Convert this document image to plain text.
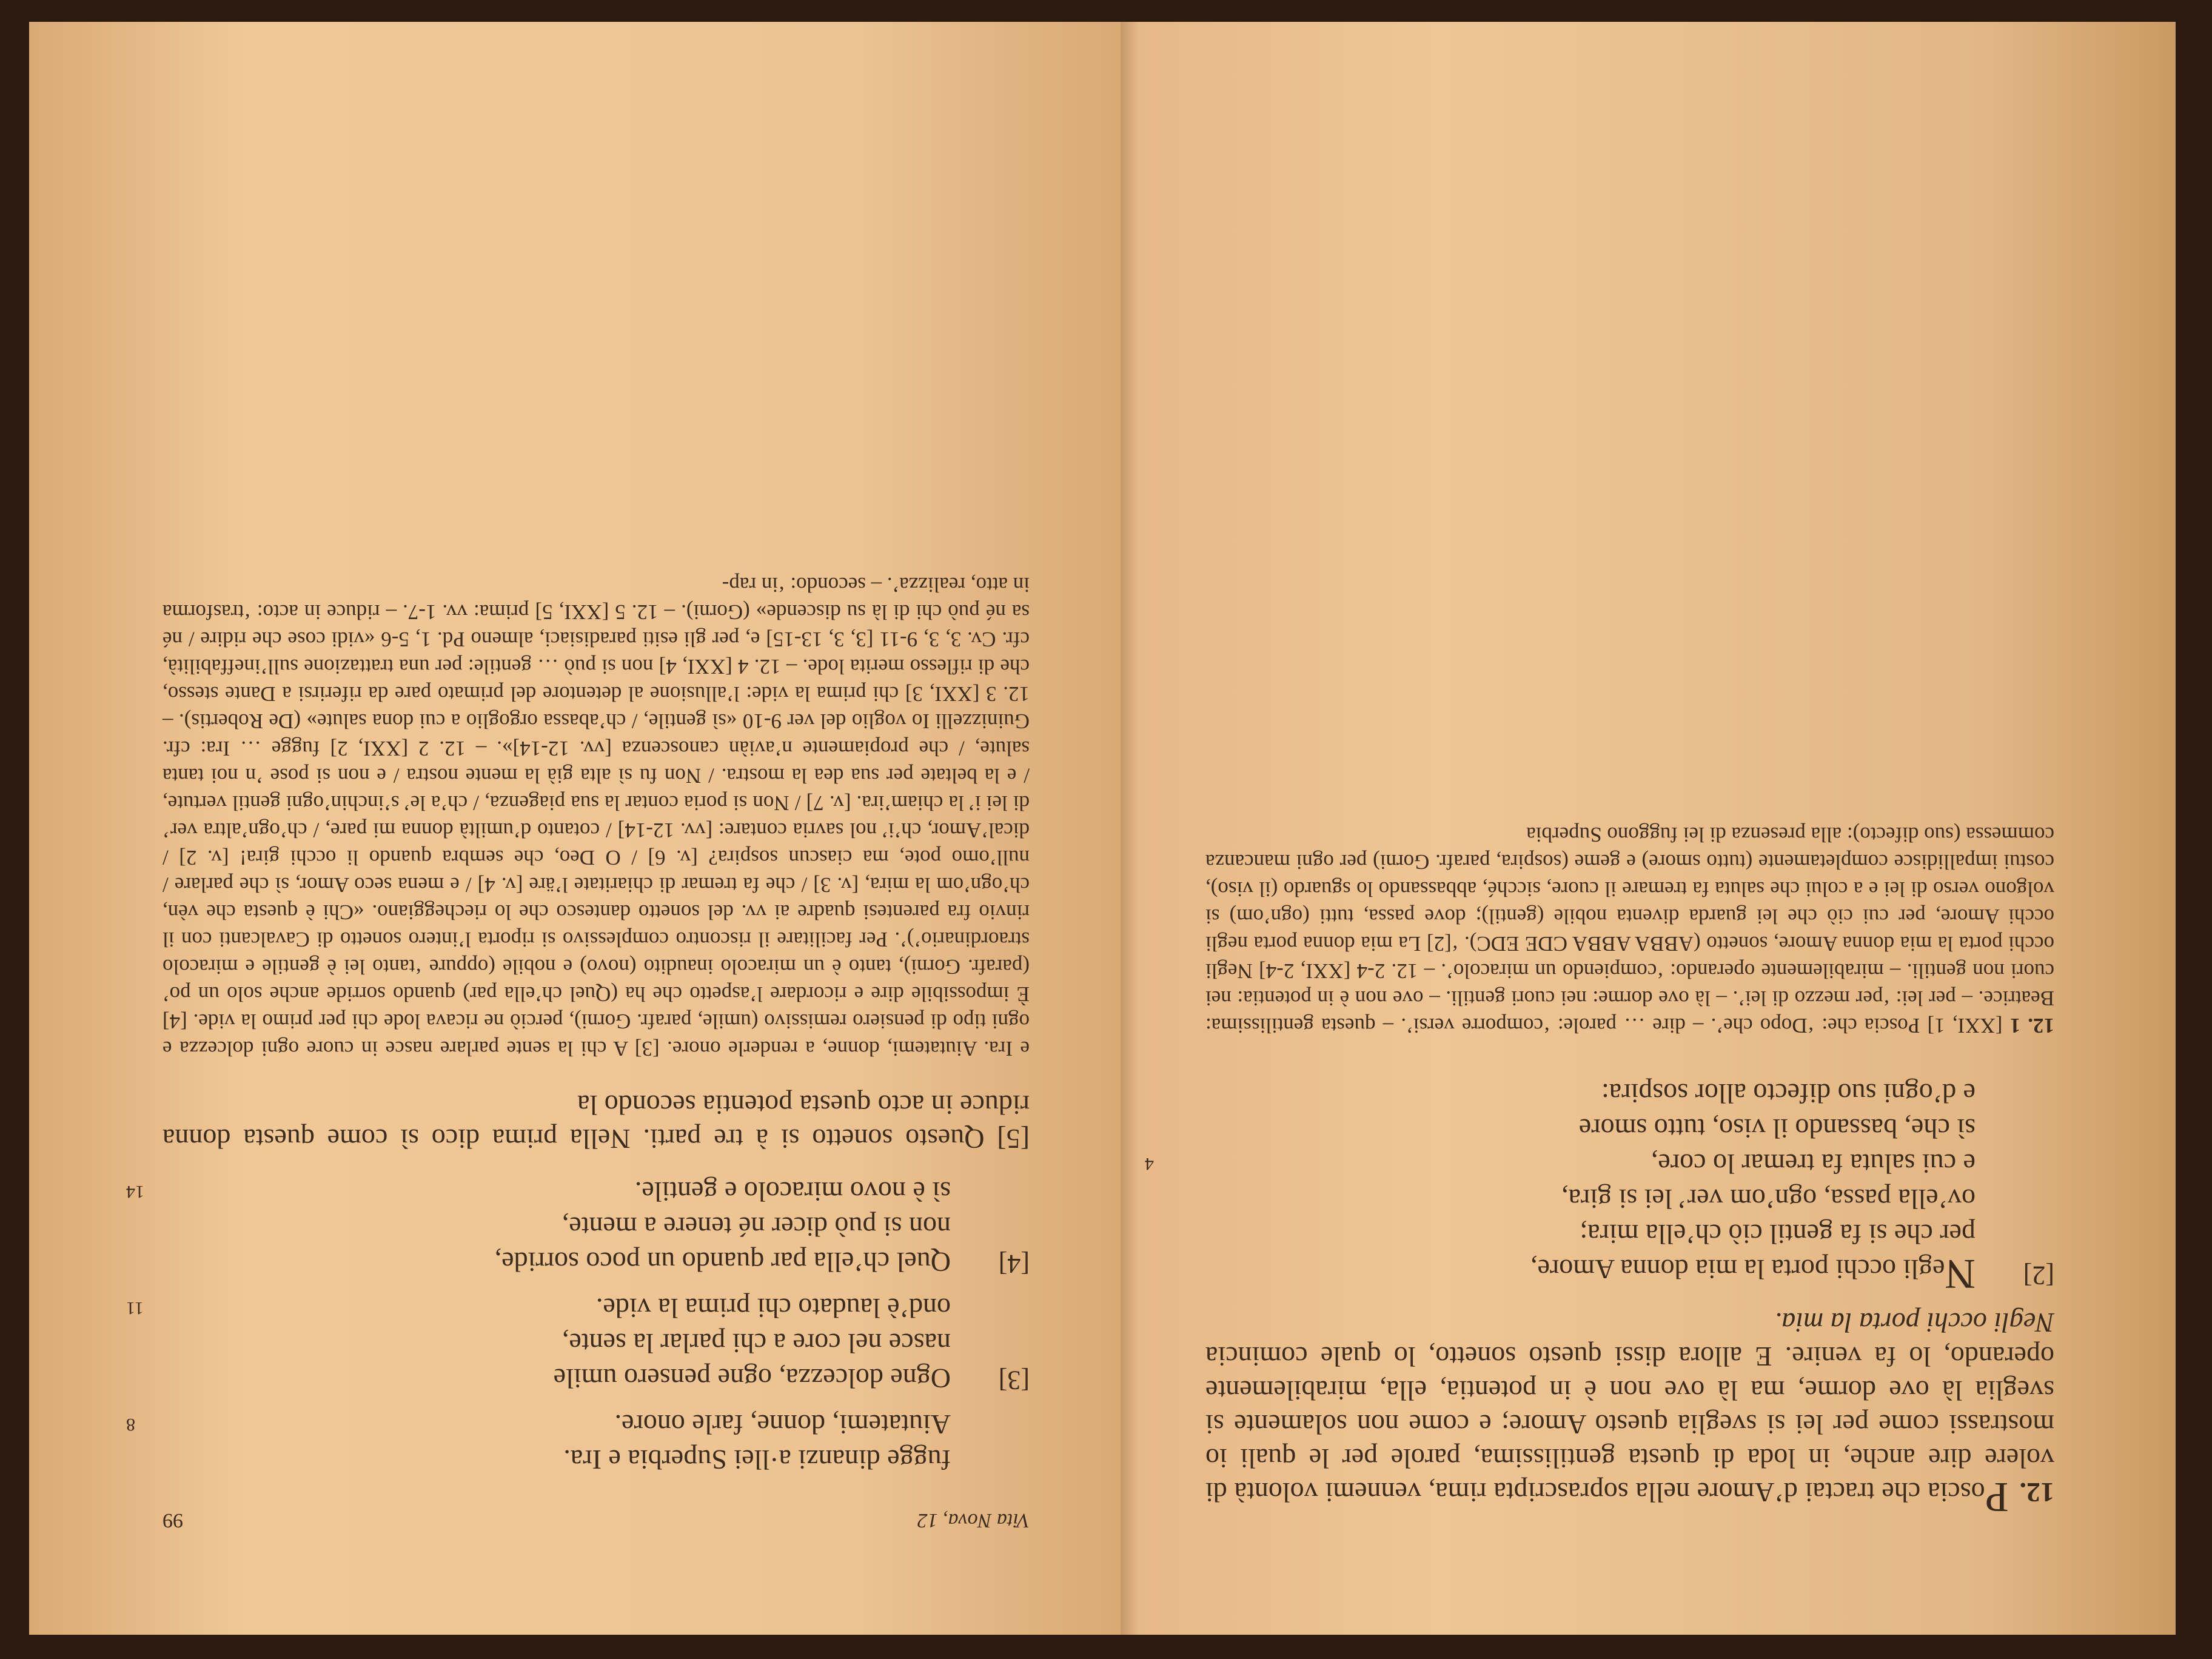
12.Poscia che tractai d’Amore nella soprascripta rima, vennemi volontà di volere dire anche, in loda di questa gentilissima, parole per le quali io mostrassi come per lei si sveglia questo Amore; e come non solamente si sveglia là ove dorme, ma là ove non è in potentia, ella, mirabilemente operando, lo fa venire. E allora dissi questo sonetto, lo quale comincia Negli occhi porta la mia.

[2]
Negli occhi porta la mia donna Amore,
per che si fa gentil ciò ch’ella mira;
ov’ella passa, ogn’om ver’ lei si gira,
e cui saluta fa tremar lo core,
4
sì che, bassando il viso, tutto smore
e d’ogni suo difecto allor sospira:

12. 1 [XXI, 1] Poscia che: ‘Dopo che’. – dire … parole: ‘comporre versi’. – questa gentilissima: Beatrice. – per lei: ‘per mezzo di lei’. – là ove dorme: nei cuori gentili. – ove non è in potentia: nei cuori non gentili. – mirabilemente operando: ‘compiendo un miracolo’. – 12. 2-4 [XXI, 2-4] Negli occhi porta la mia donna Amore, sonetto (ABBA ABBA CDE EDC). ‘[2] La mia donna porta negli occhi Amore, per cui ciò che lei guarda diventa nobile (gentil); dove passa, tutti (ogn’om) si volgono verso di lei e a colui che saluta fa tremare il cuore, sicché, abbassando lo sguardo (il viso), costui impallidisce completamente (tutto smore) e geme (sospira, parafr. Gorni) per ogni mancanza commessa (suo difecto): alla presenza di lei fuggono Superbia

Vita Nova, 12
99
fugge dinanzi a·llei Superbia e Ira.
Aiutatemi, donne, farle onore.
8
[3]
Ogne dolcezza, ogne pensero umile
nasce nel core a chi parlar la sente,
ond’è laudato chi prima la vide.
11
[4]
Quel ch’ella par quando un poco sorride,
non si può dicer né tenere a mente,
sì è novo miracolo e gentile.
14

[5] Questo sonetto si à tre parti. Nella prima dico sì come questa donna riduce in acto questa potentia secondo la

e Ira. Aiutatemi, donne, a renderle onore. [3] A chi la sente parlare nasce in cuore ogni dolcezza e ogni tipo di pensiero remissivo (umile, parafr. Gorni), perciò ne ricava lode chi per primo la vide. [4] È impossibile dire e ricordare l’aspetto che ha (Quel ch’ella par) quando sorride anche solo un po’ (parafr. Gorni), tanto è un miracolo inaudito (novo) e nobile (oppure ‘tanto lei è gentile e miracolo straordinario’)’. Per facilitare il riscontro complessivo si riporta l’intero sonetto di Cavalcanti con il rinvio fra parentesi quadre ai vv. del sonetto dantesco che lo riecheggiano. «Chi è questa che vèn, ch’ogn’om la mira, [v. 3] / che fa tremar di chiaritate l’äre [v. 4] / e mena seco Amor, sì che parlare / null’omo pote, ma ciascun sospira? [v. 6] / O Deo, che sembra quando li occhi gira! [v. 2] / dical’Amor, ch’i’ nol savria contare: [vv. 12-14] / cotanto d’umiltà donna mi pare, / ch’ogn’altra ver’ di lei i’ la chiam’ira. [v. 7] / Non si poria contar la sua piagenza, / ch’a le’ s’inchin’ogni gentil vertute, / e la beltate per sua dea la mostra. / Non fu sì alta già la mente nostra / e non si pose ’n noi tanta salute, / che propiamente n’aviàn canoscenza [vv. 12-14]». – 12. 2 [XXI, 2] fugge … Ira: cfr. Guinizzelli Io voglio del ver 9-10 «sì gentile, / ch’abassa orgoglio a cui dona salute» (De Robertis). – 12. 3 [XXI, 3] chi prima la vide: l’allusione al detentore del primato pare da riferirsi a Dante stesso, che di riflesso merita lode. – 12. 4 [XXI, 4] non si può … gentile: per una trattazione sull’ineffabilità, cfr. Cv. 3, 3, 9-11 [3, 3, 13-15] e, per gli esiti paradisiaci, almeno Pd. 1, 5-6 «vidi cose che ridire / né sa né può chi di là su discende» (Gorni). – 12. 5 [XXI, 5] prima: vv. 1-7. – riduce in acto: ‘trasforma in atto, realizza’. – secondo: ‘in rap-
